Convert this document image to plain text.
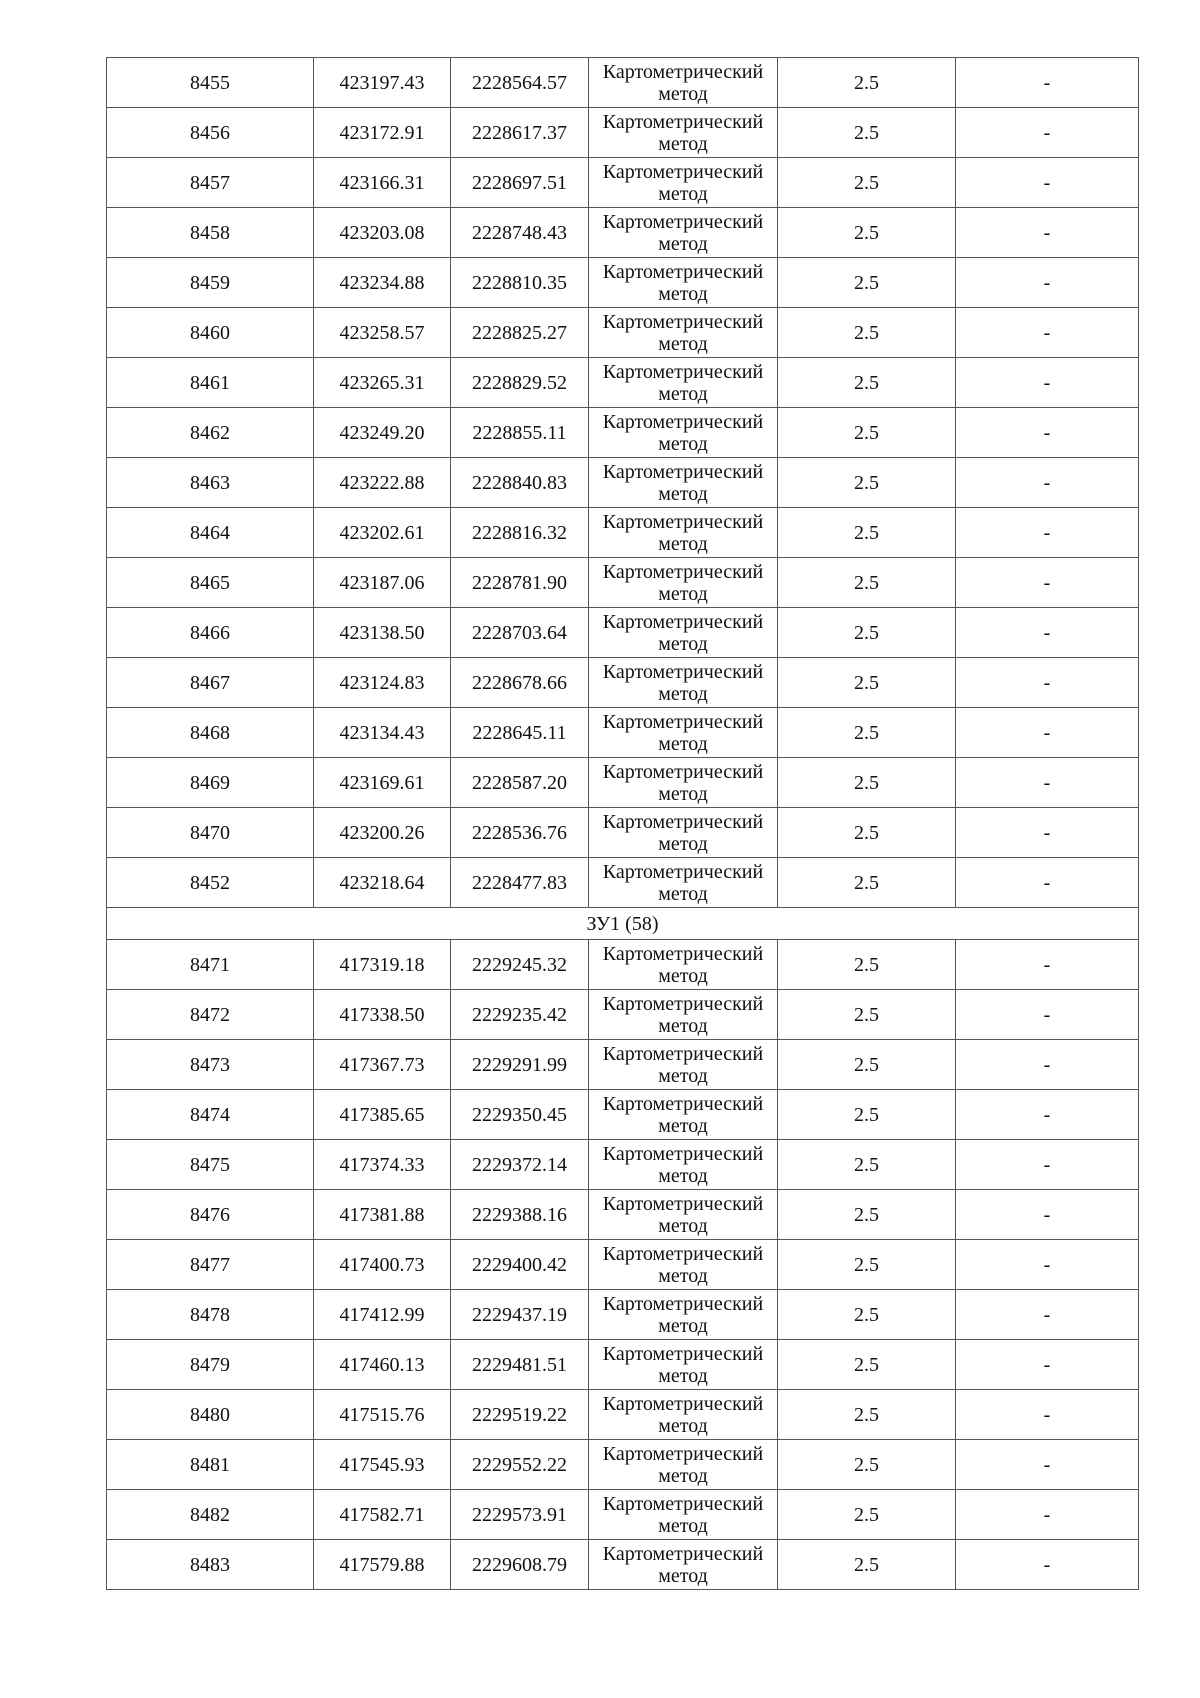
8455	423197.43	2228564.57	Картометрический метод	2.5	-
8456	423172.91	2228617.37	Картометрический метод	2.5	-
8457	423166.31	2228697.51	Картометрический метод	2.5	-
8458	423203.08	2228748.43	Картометрический метод	2.5	-
8459	423234.88	2228810.35	Картометрический метод	2.5	-
8460	423258.57	2228825.27	Картометрический метод	2.5	-
8461	423265.31	2228829.52	Картометрический метод	2.5	-
8462	423249.20	2228855.11	Картометрический метод	2.5	-
8463	423222.88	2228840.83	Картометрический метод	2.5	-
8464	423202.61	2228816.32	Картометрический метод	2.5	-
8465	423187.06	2228781.90	Картометрический метод	2.5	-
8466	423138.50	2228703.64	Картометрический метод	2.5	-
8467	423124.83	2228678.66	Картометрический метод	2.5	-
8468	423134.43	2228645.11	Картометрический метод	2.5	-
8469	423169.61	2228587.20	Картометрический метод	2.5	-
8470	423200.26	2228536.76	Картометрический метод	2.5	-
8452	423218.64	2228477.83	Картометрический метод	2.5	-
ЗУ1 (58)					
8471	417319.18	2229245.32	Картометрический метод	2.5	-
8472	417338.50	2229235.42	Картометрический метод	2.5	-
8473	417367.73	2229291.99	Картометрический метод	2.5	-
8474	417385.65	2229350.45	Картометрический метод	2.5	-
8475	417374.33	2229372.14	Картометрический метод	2.5	-
8476	417381.88	2229388.16	Картометрический метод	2.5	-
8477	417400.73	2229400.42	Картометрический метод	2.5	-
8478	417412.99	2229437.19	Картометрический метод	2.5	-
8479	417460.13	2229481.51	Картометрический метод	2.5	-
8480	417515.76	2229519.22	Картометрический метод	2.5	-
8481	417545.93	2229552.22	Картометрический метод	2.5	-
8482	417582.71	2229573.91	Картометрический метод	2.5	-
8483	417579.88	2229608.79	Картометрический метод	2.5	-
